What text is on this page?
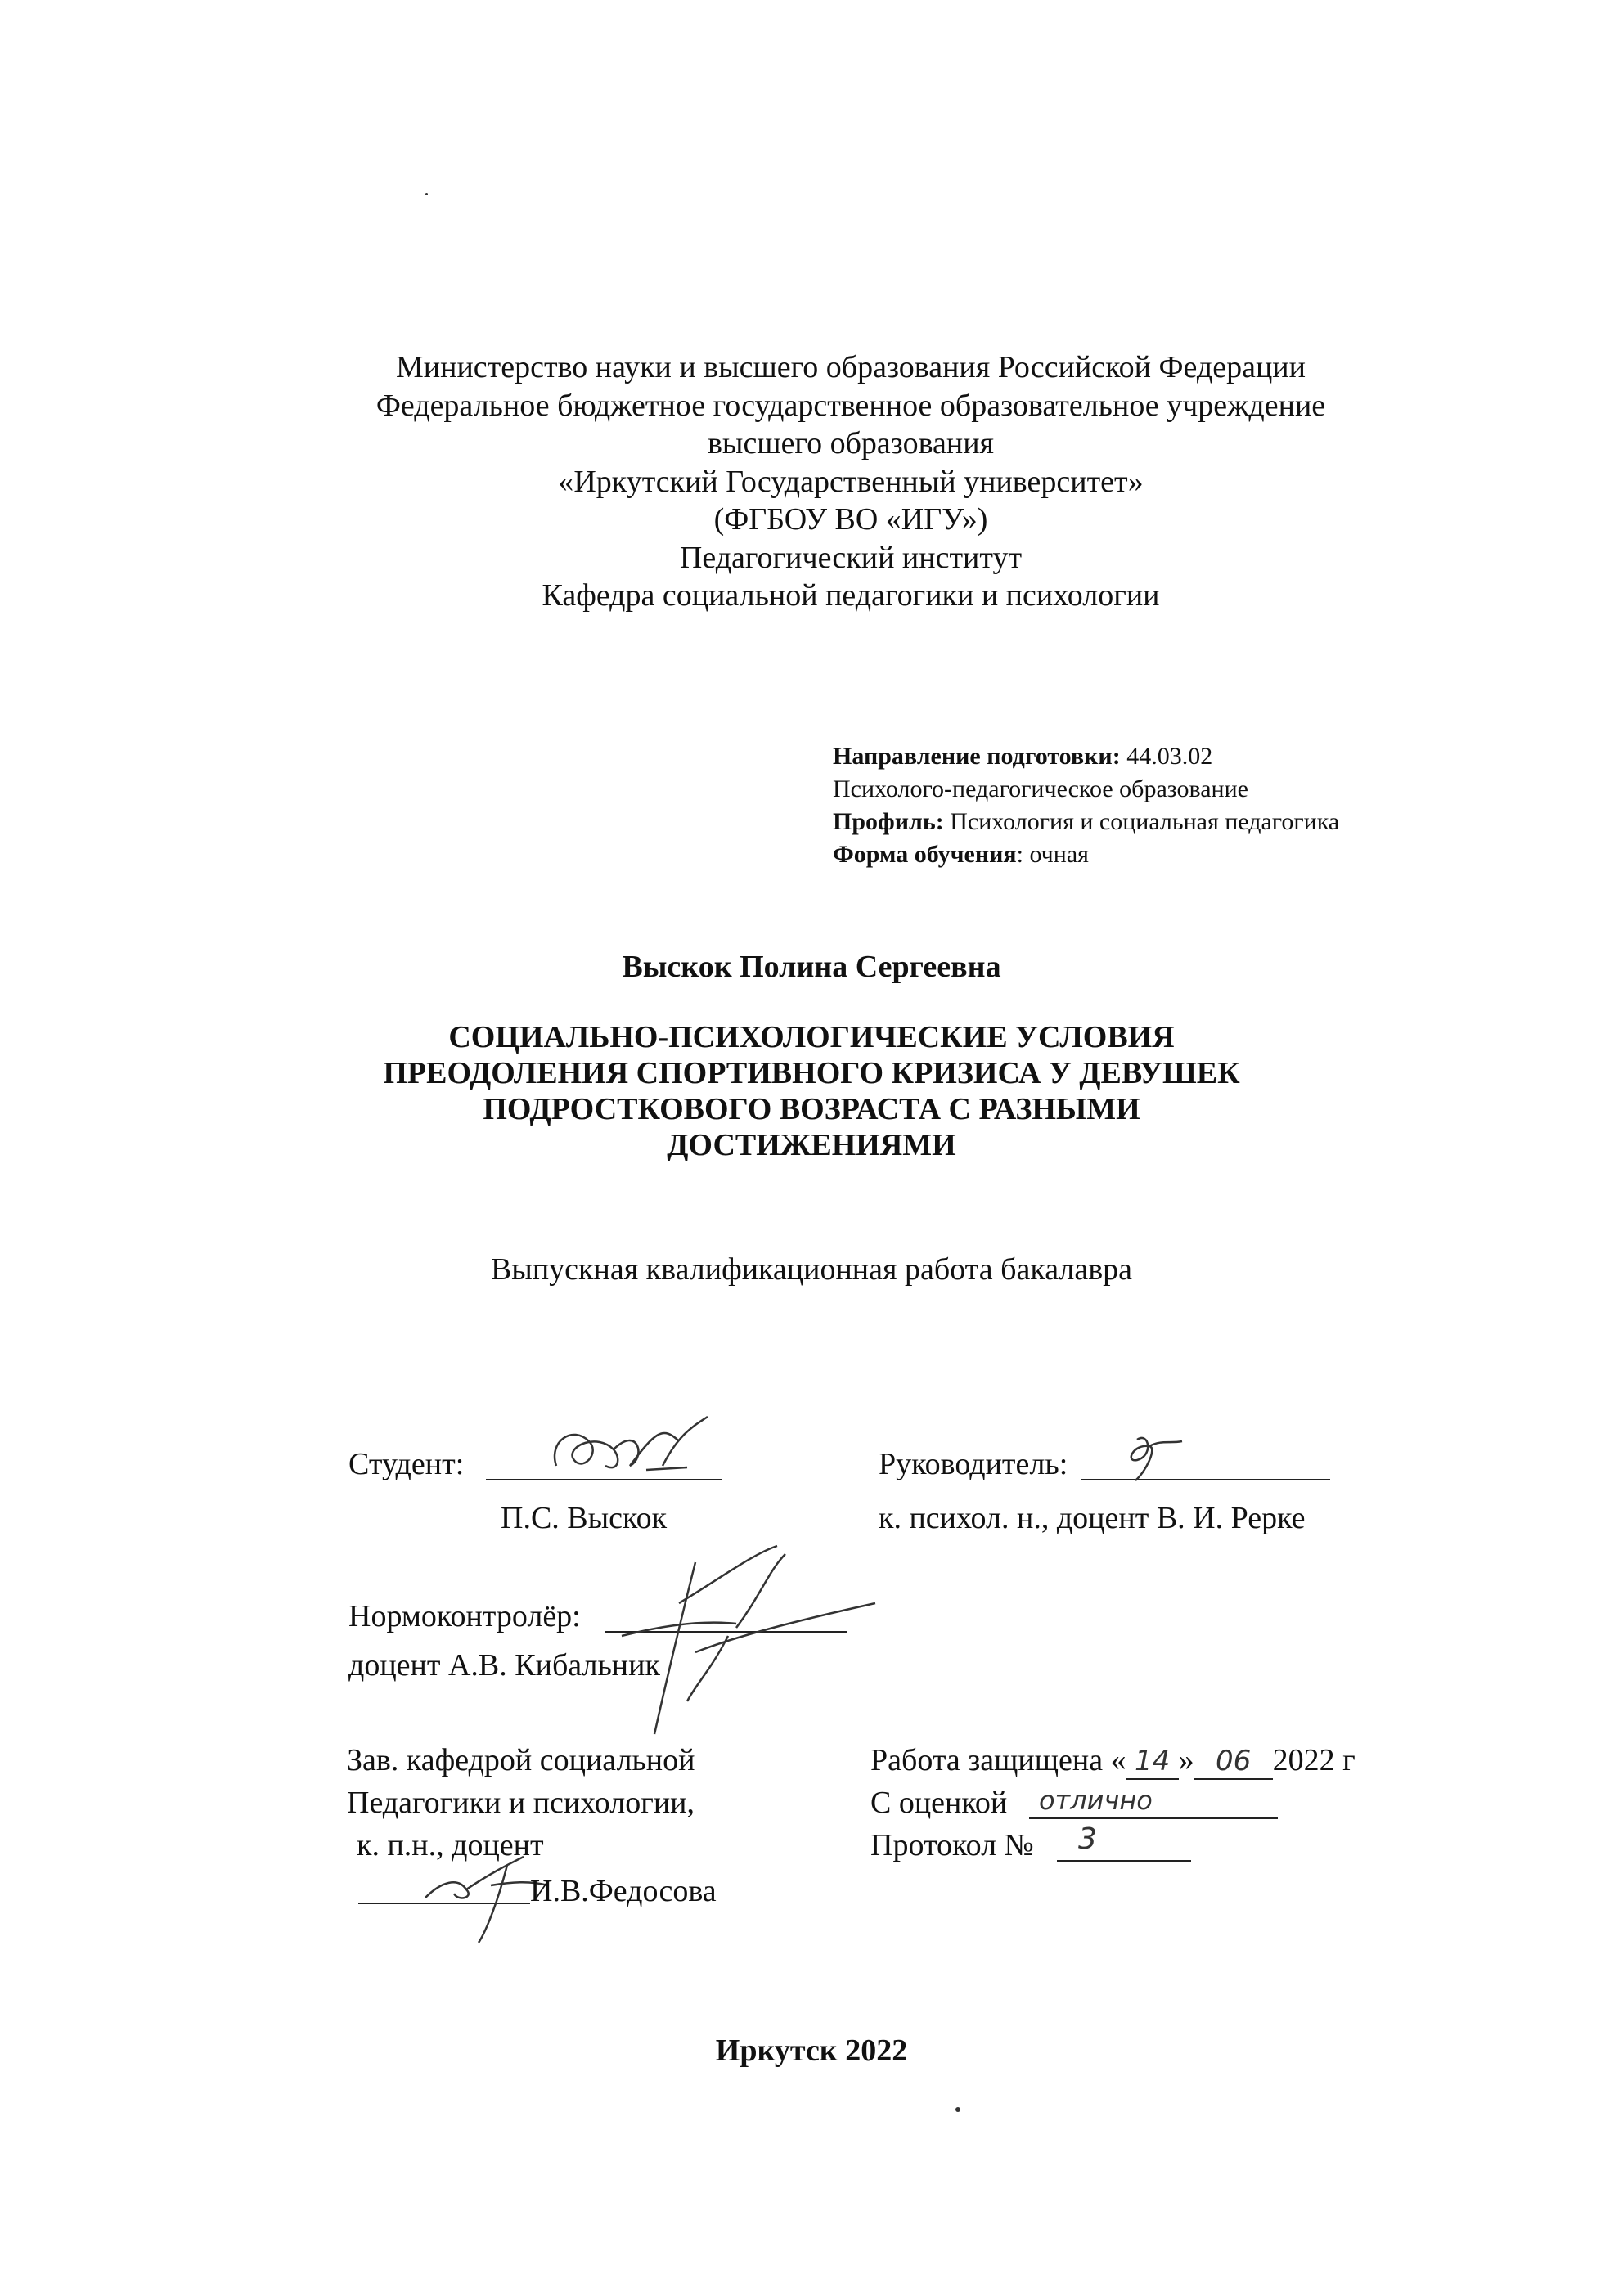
Министерство науки и высшего образования Российской Федерации
Федеральное бюджетное государственное образовательное учреждение
высшего образования
«Иркутский Государственный университет»
(ФГБОУ ВО «ИГУ»)
Педагогический институт
Кафедра социальной педагогики и психологии
Направление подготовки: 44.03.02
Психолого-педагогическое образование
Профиль: Психология и социальная педагогика
Форма обучения: очная
Выскок Полина Сергеевна
СОЦИАЛЬНО-ПСИХОЛОГИЧЕСКИЕ УСЛОВИЯ
ПРЕОДОЛЕНИЯ СПОРТИВНОГО КРИЗИСА У ДЕВУШЕК
ПОДРОСТКОВОГО ВОЗРАСТА С РАЗНЫМИ
ДОСТИЖЕНИЯМИ
Выпускная квалификационная работа бакалавра
Студент:
П.С. Выскок
Руководитель:
к. психол. н., доцент В. И. Рерке
Нормоконтролёр:
доцент А.В. Кибальник
Зав. кафедрой социальной
Педагогики и психологии,
к. п.н., доцент
И.В.Федосова
Работа защищена « 14 » 06 2022 г
С оценкой отлично
Протокол № 3
Иркутск 2022
